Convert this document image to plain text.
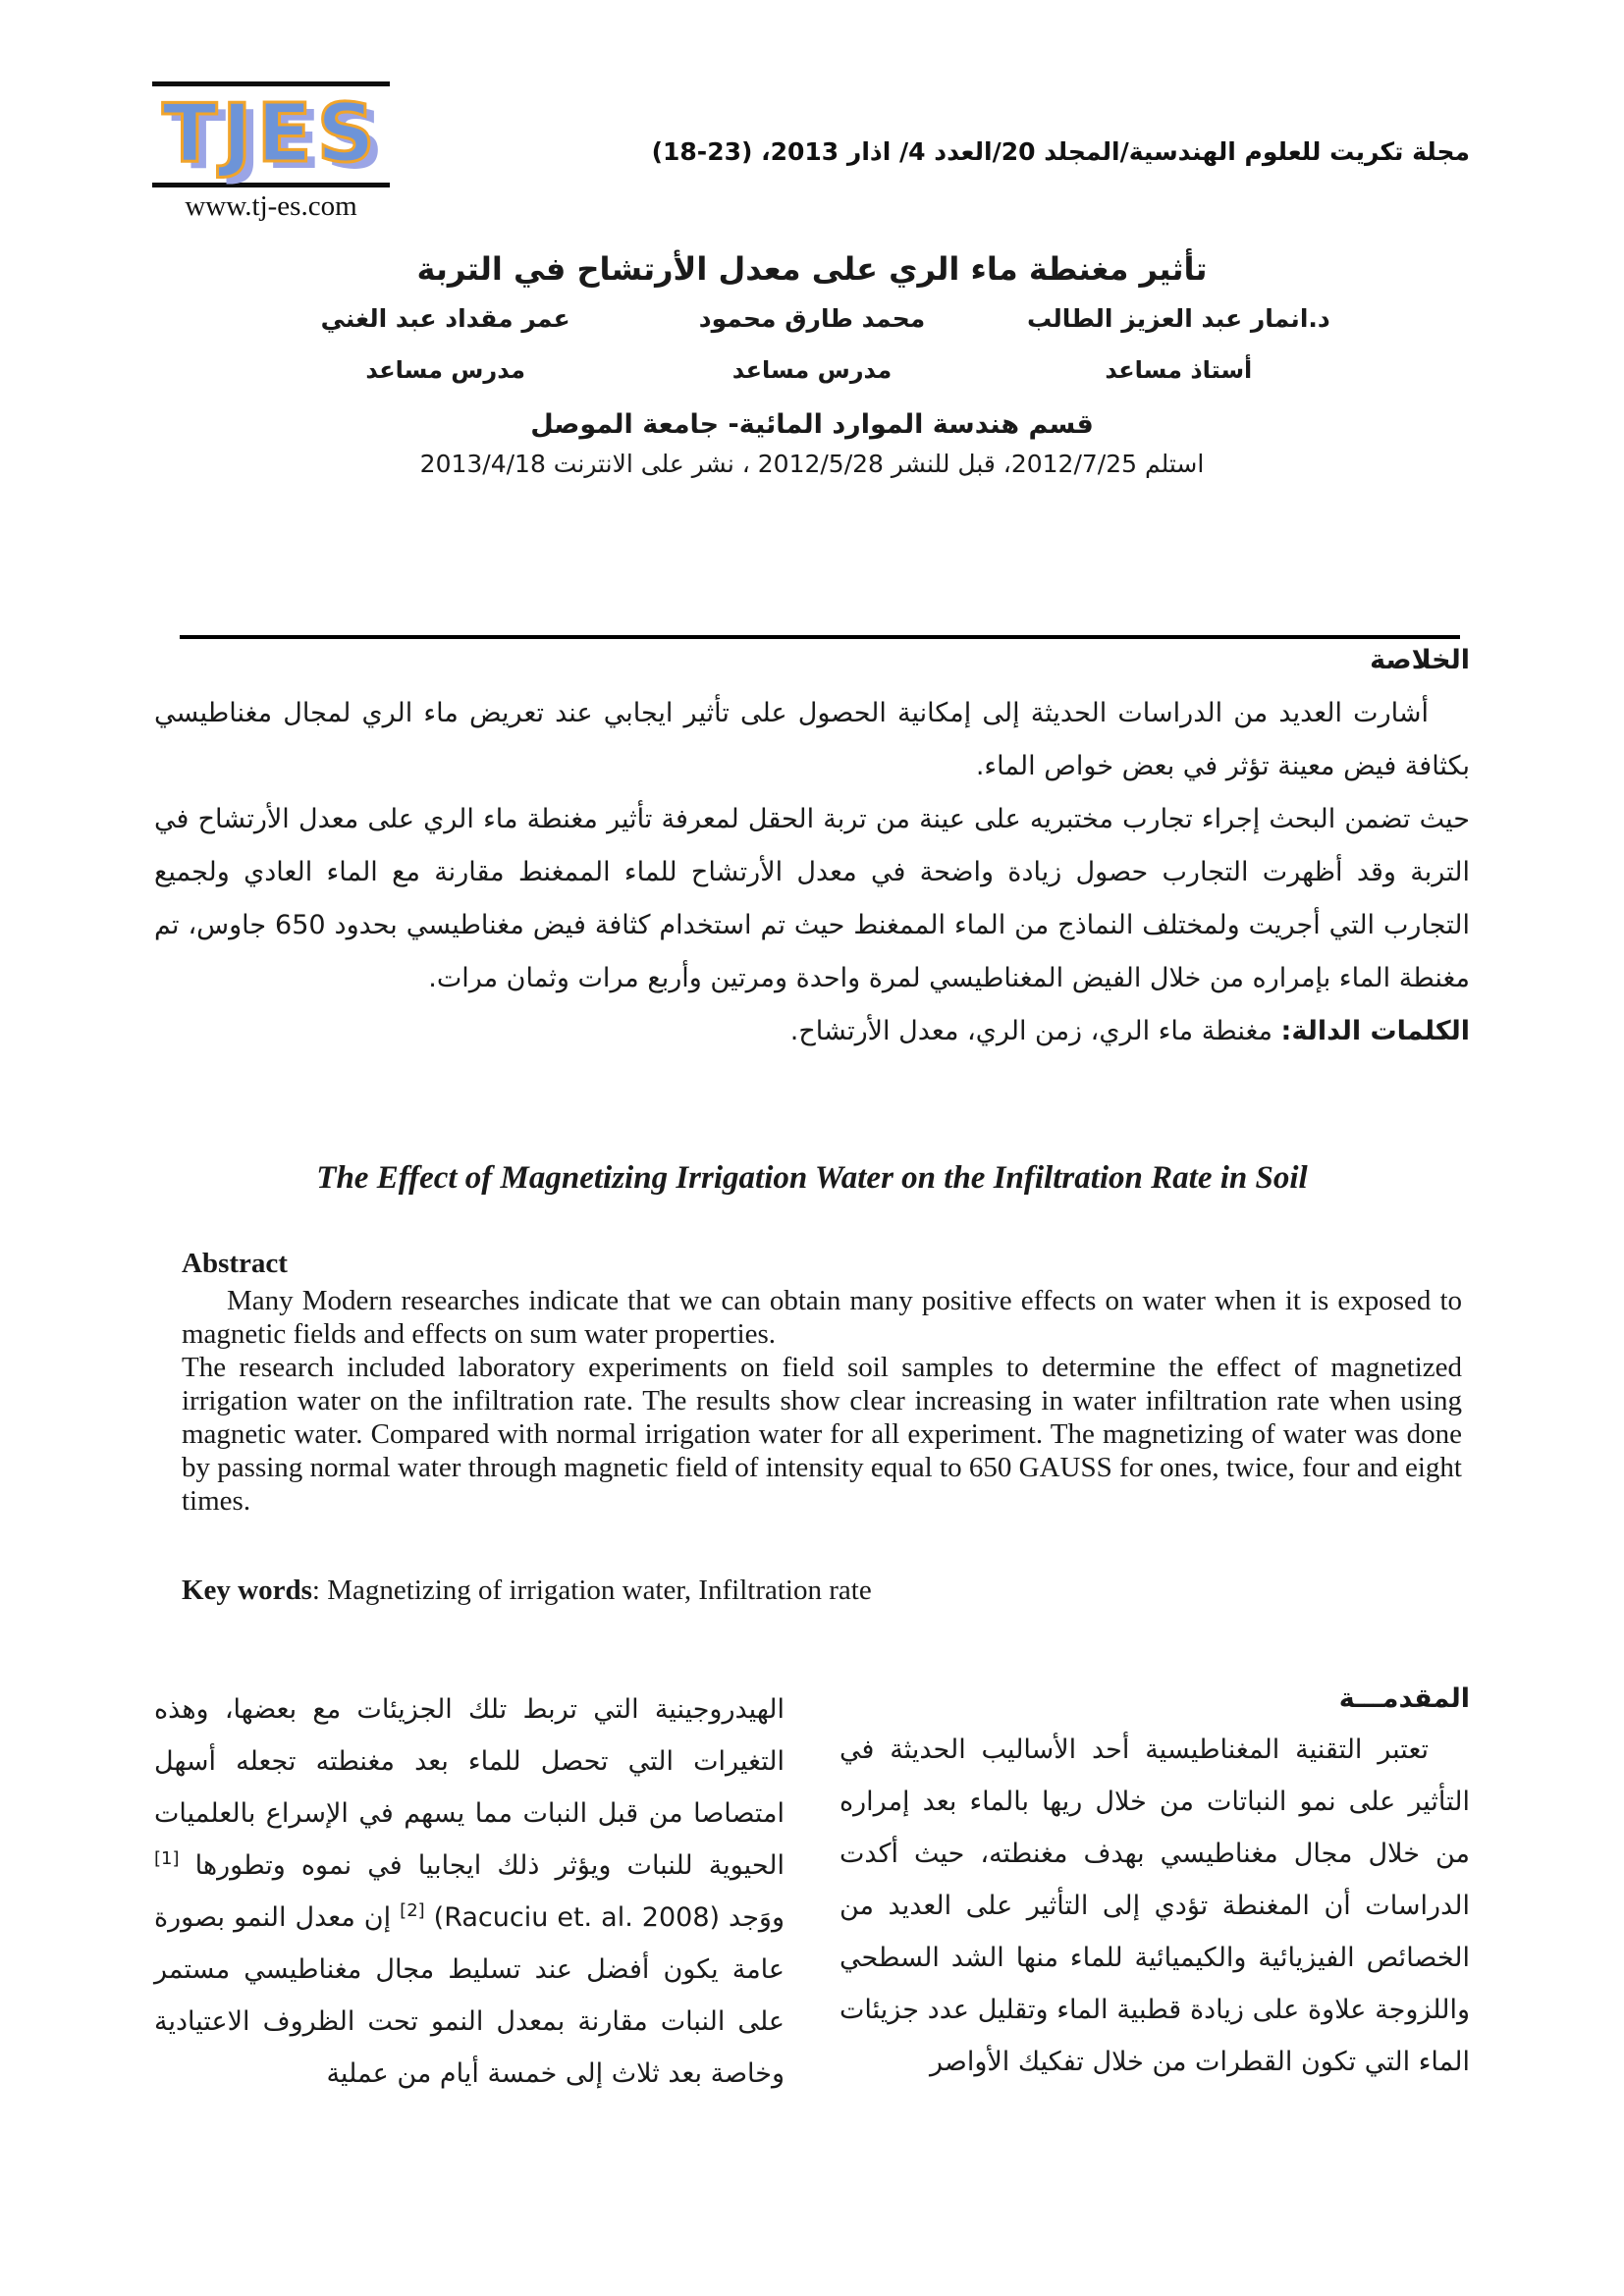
TJES
www.tj-es.com
مجلة تكريت للعلوم الهندسية/المجلد 20/العدد 4/ اذار 2013، (23-18)
تأثير مغنطة ماء الري على معدل الأرتشاح في التربة
د.انمار عبد العزيز الطالب
محمد طارق محمود
عمر مقداد عبد الغني
أستاذ مساعد
مدرس مساعد
مدرس مساعد
قسم هندسة الموارد المائية- جامعة الموصل
استلم 2012/7/25، قبل للنشر 2012/5/28 ، نشر على الانترنت 2013/4/18
الخلاصة

أشارت العديد من الدراسات الحديثة إلى إمكانية الحصول على تأثير ايجابي عند تعريض ماء الري لمجال مغناطيسي بكثافة فيض معينة تؤثر في بعض خواص الماء.

حيث تضمن البحث إجراء تجارب مختبريه على عينة من تربة الحقل لمعرفة تأثير مغنطة ماء الري على معدل الأرتشاح في التربة وقد أظهرت التجارب حصول زيادة واضحة في معدل الأرتشاح للماء الممغنط مقارنة مع الماء العادي ولجميع التجارب التي أجريت ولمختلف النماذج من الماء الممغنط حيث تم استخدام كثافة فيض مغناطيسي بحدود 650 جاوس، تم مغنطة الماء بإمراره من خلال الفيض المغناطيسي لمرة واحدة ومرتين وأربع مرات وثمان مرات.

الكلمات الدالة: مغنطة ماء الري، زمن الري، معدل الأرتشاح.

The Effect of Magnetizing Irrigation Water on the Infiltration Rate in Soil
Abstract

Many Modern researches indicate that we can obtain many positive effects on water when it is exposed to magnetic fields and effects on sum water properties.

The research included laboratory experiments on field soil samples to determine the effect of magnetized irrigation water on the infiltration rate. The results show clear increasing in water infiltration rate when using magnetic water. Compared with normal irrigation water for all experiment. The magnetizing of water was done by passing normal water through magnetic field of intensity equal to 650 GAUSS for ones, twice, four and eight times.

Key words: Magnetizing of irrigation water, Infiltration rate

المقدمـــة

تعتبر التقنية المغناطيسية أحد الأساليب الحديثة في التأثير على نمو النباتات من خلال ريها بالماء بعد إمراره من خلال مجال مغناطيسي بهدف مغنطته، حيث أكدت الدراسات أن المغنطة تؤدي إلى التأثير على العديد من الخصائص الفيزيائية والكيميائية للماء منها الشد السطحي واللزوجة علاوة على زيادة قطبية الماء وتقليل عدد جزيئات الماء التي تكون القطرات من خلال تفكيك الأواصر

الهيدروجينية التي تربط تلك الجزيئات مع بعضها، وهذه التغيرات التي تحصل للماء بعد مغنطته تجعله أسهل امتصاصا من قبل النبات مما يسهم في الإسراع بالعلميات الحيوية للنبات ويؤثر ذلك ايجابيا في نموه وتطورها [1] ووَجد (Racuciu et. al. 2008) [2] إن معدل النمو بصورة عامة يكون أفضل عند تسليط مجال مغناطيسي مستمر على النبات مقارنة بمعدل النمو تحت الظروف الاعتيادية وخاصة بعد ثلاث إلى خمسة أيام من عملية
